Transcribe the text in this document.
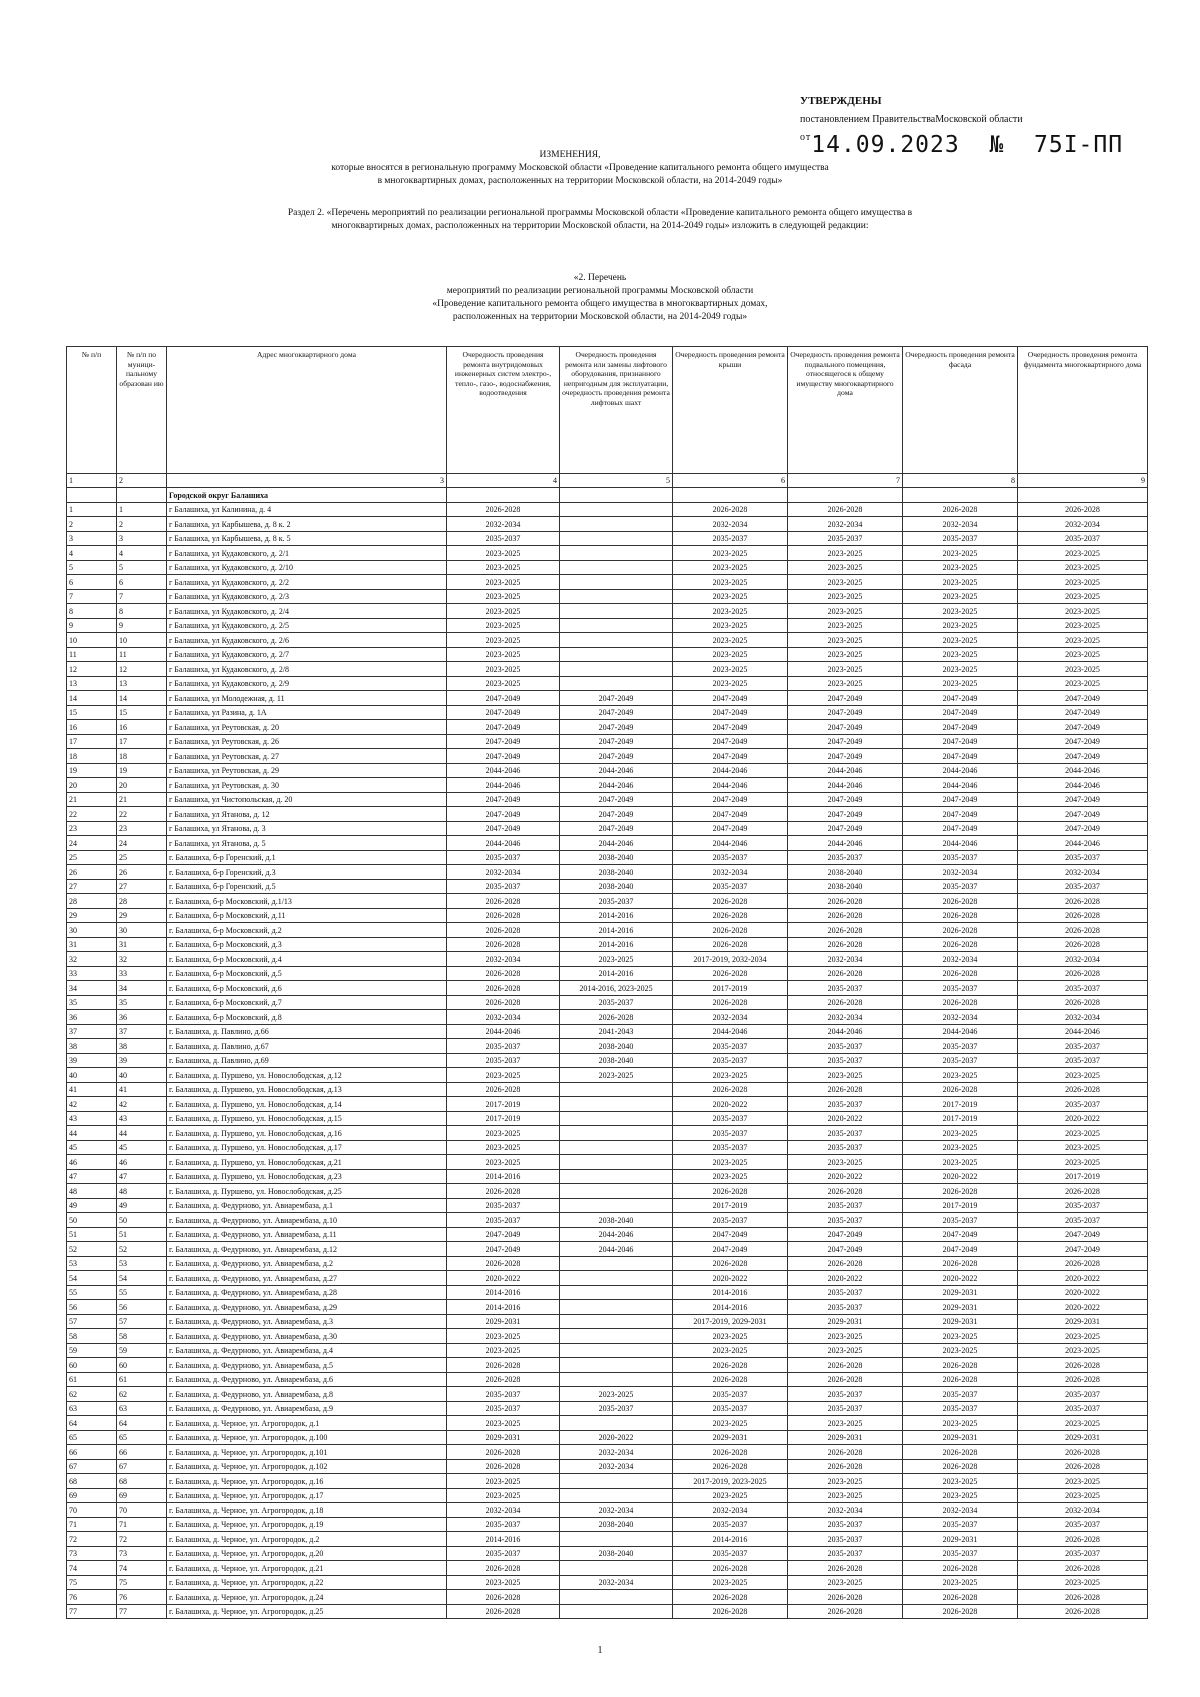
УТВЕРЖДЕНЫ
постановлением ПравительстваМосковской области
$^{от}$14.09.2023 № 75I-ПП
ИЗМЕНЕНИЯ,
которые вносятся в региональную программу Московской области «Проведение капитального ремонта общего имущества
в многоквартирных домах, расположенных на территории Московской области, на 2014-2049 годы»
Раздел 2. «Перечень мероприятий по реализации региональной программы Московской области «Проведение капитального ремонта общего имущества в
многоквартирных домах, расположенных на территории Московской области, на 2014-2049 годы» изложить в следующей редакции:
«2. Перечень
мероприятий по реализации региональной программы Московской области
«Проведение капитального ремонта общего имущества в многоквартирных домах,
расположенных на территории Московской области, на 2014-2049 годы»
№ п/п	№ п/п по муници-пальному образован ию	Адрес многоквартирного дома	Очередность проведения ремонта внутридомовых инженерных систем электро-, тепло-, газо-, водоснабжения, водоотведения	Очередность проведения ремонта или замены лифтового оборудования, признанного непригодным для эксплуатации, очередность проведения ремонта лифтовых шахт	Очередность проведения ремонта крыши	Очередность проведения ремонта подвального помещения, относящегося к общему имуществу многоквартирного дома	Очередность проведения ремонта фасада	Очередность проведения ремонта фундамента многоквартирного дома
1	2	3	4	5	6	7	8	9
		Городской округ Балашиха						
1	1	г Балашиха, ул Калинина, д. 4	2026-2028		2026-2028	2026-2028	2026-2028	2026-2028
2	2	г Балашиха, ул Карбышева, д. 8 к. 2	2032-2034		2032-2034	2032-2034	2032-2034	2032-2034
3	3	г Балашиха, ул Карбышева, д. 8 к. 5	2035-2037		2035-2037	2035-2037	2035-2037	2035-2037
4	4	г Балашиха, ул Кудаковского, д. 2/1	2023-2025		2023-2025	2023-2025	2023-2025	2023-2025
5	5	г Балашиха, ул Кудаковского, д. 2/10	2023-2025		2023-2025	2023-2025	2023-2025	2023-2025
6	6	г Балашиха, ул Кудаковского, д. 2/2	2023-2025		2023-2025	2023-2025	2023-2025	2023-2025
7	7	г Балашиха, ул Кудаковского, д. 2/3	2023-2025		2023-2025	2023-2025	2023-2025	2023-2025
8	8	г Балашиха, ул Кудаковского, д. 2/4	2023-2025		2023-2025	2023-2025	2023-2025	2023-2025
9	9	г Балашиха, ул Кудаковского, д. 2/5	2023-2025		2023-2025	2023-2025	2023-2025	2023-2025
10	10	г Балашиха, ул Кудаковского, д. 2/6	2023-2025		2023-2025	2023-2025	2023-2025	2023-2025
11	11	г Балашиха, ул Кудаковского, д. 2/7	2023-2025		2023-2025	2023-2025	2023-2025	2023-2025
12	12	г Балашиха, ул Кудаковского, д. 2/8	2023-2025		2023-2025	2023-2025	2023-2025	2023-2025
13	13	г Балашиха, ул Кудаковского, д. 2/9	2023-2025		2023-2025	2023-2025	2023-2025	2023-2025
14	14	г Балашиха, ул Молодежная, д. 11	2047-2049	2047-2049	2047-2049	2047-2049	2047-2049	2047-2049
15	15	г Балашиха, ул Разина, д. 1А	2047-2049	2047-2049	2047-2049	2047-2049	2047-2049	2047-2049
16	16	г Балашиха, ул Реутовская, д. 20	2047-2049	2047-2049	2047-2049	2047-2049	2047-2049	2047-2049
17	17	г Балашиха, ул Реутовская, д. 26	2047-2049	2047-2049	2047-2049	2047-2049	2047-2049	2047-2049
18	18	г Балашиха, ул Реутовская, д. 27	2047-2049	2047-2049	2047-2049	2047-2049	2047-2049	2047-2049
19	19	г Балашиха, ул Реутовская, д. 29	2044-2046	2044-2046	2044-2046	2044-2046	2044-2046	2044-2046
20	20	г Балашиха, ул Реутовская, д. 30	2044-2046	2044-2046	2044-2046	2044-2046	2044-2046	2044-2046
21	21	г Балашиха, ул Чистопольская, д. 20	2047-2049	2047-2049	2047-2049	2047-2049	2047-2049	2047-2049
22	22	г Балашиха, ул Ятанова, д. 12	2047-2049	2047-2049	2047-2049	2047-2049	2047-2049	2047-2049
23	23	г Балашиха, ул Ятанова, д. 3	2047-2049	2047-2049	2047-2049	2047-2049	2047-2049	2047-2049
24	24	г Балашиха, ул Ятанова, д. 5	2044-2046	2044-2046	2044-2046	2044-2046	2044-2046	2044-2046
25	25	г. Балашиха, б-р Горенский, д.1	2035-2037	2038-2040	2035-2037	2035-2037	2035-2037	2035-2037
26	26	г. Балашиха, б-р Горенский, д.3	2032-2034	2038-2040	2032-2034	2038-2040	2032-2034	2032-2034
27	27	г. Балашиха, б-р Горенский, д.5	2035-2037	2038-2040	2035-2037	2038-2040	2035-2037	2035-2037
28	28	г. Балашиха, б-р Московский, д.1/13	2026-2028	2035-2037	2026-2028	2026-2028	2026-2028	2026-2028
29	29	г. Балашиха, б-р Московский, д.11	2026-2028	2014-2016	2026-2028	2026-2028	2026-2028	2026-2028
30	30	г. Балашиха, б-р Московский, д.2	2026-2028	2014-2016	2026-2028	2026-2028	2026-2028	2026-2028
31	31	г. Балашиха, б-р Московский, д.3	2026-2028	2014-2016	2026-2028	2026-2028	2026-2028	2026-2028
32	32	г. Балашиха, б-р Московский, д.4	2032-2034	2023-2025	2017-2019, 2032-2034	2032-2034	2032-2034	2032-2034
33	33	г. Балашиха, б-р Московский, д.5	2026-2028	2014-2016	2026-2028	2026-2028	2026-2028	2026-2028
34	34	г. Балашиха, б-р Московский, д.6	2026-2028	2014-2016, 2023-2025	2017-2019	2035-2037	2035-2037	2035-2037
35	35	г. Балашиха, б-р Московский, д.7	2026-2028	2035-2037	2026-2028	2026-2028	2026-2028	2026-2028
36	36	г. Балашиха, б-р Московский, д.8	2032-2034	2026-2028	2032-2034	2032-2034	2032-2034	2032-2034
37	37	г. Балашиха, д. Павлино, д.66	2044-2046	2041-2043	2044-2046	2044-2046	2044-2046	2044-2046
38	38	г. Балашиха, д. Павлино, д.67	2035-2037	2038-2040	2035-2037	2035-2037	2035-2037	2035-2037
39	39	г. Балашиха, д. Павлино, д.69	2035-2037	2038-2040	2035-2037	2035-2037	2035-2037	2035-2037
40	40	г. Балашиха, д. Пуршево, ул. Новослободская, д.12	2023-2025	2023-2025	2023-2025	2023-2025	2023-2025	2023-2025
41	41	г. Балашиха, д. Пуршево, ул. Новослободская, д.13	2026-2028		2026-2028	2026-2028	2026-2028	2026-2028
42	42	г. Балашиха, д. Пуршево, ул. Новослободская, д.14	2017-2019		2020-2022	2035-2037	2017-2019	2035-2037
43	43	г. Балашиха, д. Пуршево, ул. Новослободская, д.15	2017-2019		2035-2037	2020-2022	2017-2019	2020-2022
44	44	г. Балашиха, д. Пуршево, ул. Новослободская, д.16	2023-2025		2035-2037	2035-2037	2023-2025	2023-2025
45	45	г. Балашиха, д. Пуршево, ул. Новослободская, д.17	2023-2025		2035-2037	2035-2037	2023-2025	2023-2025
46	46	г. Балашиха, д. Пуршево, ул. Новослободская, д.21	2023-2025		2023-2025	2023-2025	2023-2025	2023-2025
47	47	г. Балашиха, д. Пуршево, ул. Новослободская, д.23	2014-2016		2023-2025	2020-2022	2020-2022	2017-2019
48	48	г. Балашиха, д. Пуршево, ул. Новослободская, д.25	2026-2028		2026-2028	2026-2028	2026-2028	2026-2028
49	49	г. Балашиха, д. Федурново, ул. Авиарембаза, д.1	2035-2037		2017-2019	2035-2037	2017-2019	2035-2037
50	50	г. Балашиха, д. Федурново, ул. Авиарембаза, д.10	2035-2037	2038-2040	2035-2037	2035-2037	2035-2037	2035-2037
51	51	г. Балашиха, д. Федурново, ул. Авиарембаза, д.11	2047-2049	2044-2046	2047-2049	2047-2049	2047-2049	2047-2049
52	52	г. Балашиха, д. Федурново, ул. Авиарембаза, д.12	2047-2049	2044-2046	2047-2049	2047-2049	2047-2049	2047-2049
53	53	г. Балашиха, д. Федурново, ул. Авиарембаза, д.2	2026-2028		2026-2028	2026-2028	2026-2028	2026-2028
54	54	г. Балашиха, д. Федурново, ул. Авиарембаза, д.27	2020-2022		2020-2022	2020-2022	2020-2022	2020-2022
55	55	г. Балашиха, д. Федурново, ул. Авиарембаза, д.28	2014-2016		2014-2016	2035-2037	2029-2031	2020-2022
56	56	г. Балашиха, д. Федурново, ул. Авиарембаза, д.29	2014-2016		2014-2016	2035-2037	2029-2031	2020-2022
57	57	г. Балашиха, д. Федурново, ул. Авиарембаза, д.3	2029-2031		2017-2019, 2029-2031	2029-2031	2029-2031	2029-2031
58	58	г. Балашиха, д. Федурново, ул. Авиарембаза, д.30	2023-2025		2023-2025	2023-2025	2023-2025	2023-2025
59	59	г. Балашиха, д. Федурново, ул. Авиарембаза, д.4	2023-2025		2023-2025	2023-2025	2023-2025	2023-2025
60	60	г. Балашиха, д. Федурново, ул. Авиарембаза, д.5	2026-2028		2026-2028	2026-2028	2026-2028	2026-2028
61	61	г. Балашиха, д. Федурново, ул. Авиарембаза, д.6	2026-2028		2026-2028	2026-2028	2026-2028	2026-2028
62	62	г. Балашиха, д. Федурново, ул. Авиарембаза, д.8	2035-2037	2023-2025	2035-2037	2035-2037	2035-2037	2035-2037
63	63	г. Балашиха, д. Федурново, ул. Авиарембаза, д.9	2035-2037	2035-2037	2035-2037	2035-2037	2035-2037	2035-2037
64	64	г. Балашиха, д. Черное, ул. Агрогородок, д.1	2023-2025		2023-2025	2023-2025	2023-2025	2023-2025
65	65	г. Балашиха, д. Черное, ул. Агрогородок, д.100	2029-2031	2020-2022	2029-2031	2029-2031	2029-2031	2029-2031
66	66	г. Балашиха, д. Черное, ул. Агрогородок, д.101	2026-2028	2032-2034	2026-2028	2026-2028	2026-2028	2026-2028
67	67	г. Балашиха, д. Черное, ул. Агрогородок, д.102	2026-2028	2032-2034	2026-2028	2026-2028	2026-2028	2026-2028
68	68	г. Балашиха, д. Черное, ул. Агрогородок, д.16	2023-2025		2017-2019, 2023-2025	2023-2025	2023-2025	2023-2025
69	69	г. Балашиха, д. Черное, ул. Агрогородок, д.17	2023-2025		2023-2025	2023-2025	2023-2025	2023-2025
70	70	г. Балашиха, д. Черное, ул. Агрогородок, д.18	2032-2034	2032-2034	2032-2034	2032-2034	2032-2034	2032-2034
71	71	г. Балашиха, д. Черное, ул. Агрогородок, д.19	2035-2037	2038-2040	2035-2037	2035-2037	2035-2037	2035-2037
72	72	г. Балашиха, д. Черное, ул. Агрогородок, д.2	2014-2016		2014-2016	2035-2037	2029-2031	2026-2028
73	73	г. Балашиха, д. Черное, ул. Агрогородок, д.20	2035-2037	2038-2040	2035-2037	2035-2037	2035-2037	2035-2037
74	74	г. Балашиха, д. Черное, ул. Агрогородок, д.21	2026-2028		2026-2028	2026-2028	2026-2028	2026-2028
75	75	г. Балашиха, д. Черное, ул. Агрогородок, д.22	2023-2025	2032-2034	2023-2025	2023-2025	2023-2025	2023-2025
76	76	г. Балашиха, д. Черное, ул. Агрогородок, д.24	2026-2028		2026-2028	2026-2028	2026-2028	2026-2028
77	77	г. Балашиха, д. Черное, ул. Агрогородок, д.25	2026-2028		2026-2028	2026-2028	2026-2028	2026-2028
1
